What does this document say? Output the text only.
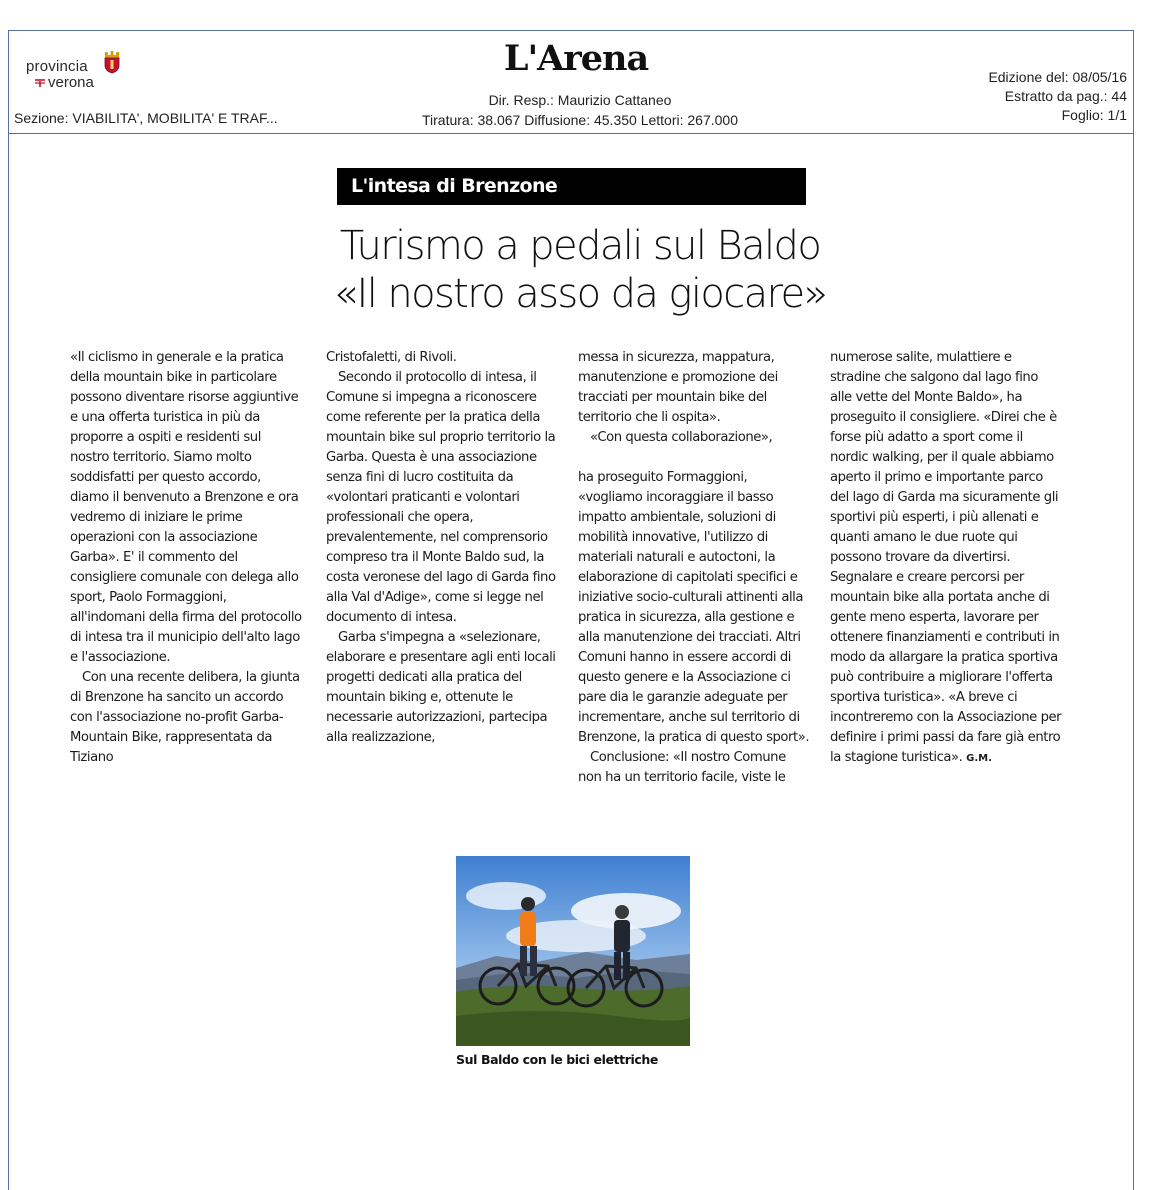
provincia
verona
L'Arena
Dir. Resp.: Maurizio Cattaneo
Tiratura: 38.067 Diffusione: 45.350 Lettori: 267.000
Edizione del: 08/05/16
Estratto da pag.: 44
Foglio: 1/1
Sezione: VIABILITA', MOBILITA' E TRAF...
L'intesa di Brenzone
Turismo a pedali sul Baldo
«Il nostro asso da giocare»

«Il ciclismo in generale e la pratica della mountain bike in particolare possono diventare risorse aggiuntive e una offerta turistica in più da proporre a ospiti e residenti sul nostro territorio. Siamo molto soddisfatti per questo accordo, diamo il benvenuto a Brenzone e ora vedremo di iniziare le prime operazioni con la associazione Garba». E' il commento del consigliere comunale con delega allo sport, Paolo Formaggioni, all'indomani della firma del protocollo di intesa tra il municipio dell'alto lago e l'associazione.

Con una recente delibera, la giunta di Brenzone ha sancito un accordo con l'associazione no-profit Garba-Mountain Bike, rappresentata da Tiziano

Cristofaletti, di Rivoli.

Secondo il protocollo di intesa, il Comune si impegna a riconoscere come referente per la pratica della mountain bike sul proprio territorio la Garba. Questa è una associazione senza fini di lucro costituita da «volontari praticanti e volontari professionali che opera, prevalentemente, nel comprensorio compreso tra il Monte Baldo sud, la costa veronese del lago di Garda fino alla Val d'Adige», come si legge nel documento di intesa.

Garba s'impegna a «selezionare, elaborare e presentare agli enti locali progetti dedicati alla pratica del mountain biking e, ottenute le necessarie autorizzazioni, partecipa alla realizzazione,

messa in sicurezza, mappatura, manutenzione e promozione dei tracciati per mountain bike del territorio che li ospita».

«Con questa collaborazione»,

ha proseguito Formaggioni, «vogliamo incoraggiare il basso impatto ambientale, soluzioni di mobilità innovative, l'utilizzo di materiali naturali e autoctoni, la elaborazione di capitolati specifici e iniziative socio-culturali attinenti alla pratica in sicurezza, alla gestione e alla manutenzione dei tracciati. Altri Comuni hanno in essere accordi di questo genere e la Associazione ci pare dia le garanzie adeguate per incrementare, anche sul territorio di Brenzone, la pratica di questo sport».

Conclusione: «Il nostro Comune non ha un territorio facile, viste le

numerose salite, mulattiere e stradine che salgono dal lago fino alle vette del Monte Baldo», ha proseguito il consigliere. «Direi che è forse più adatto a sport come il nordic walking, per il quale abbiamo aperto il primo e importante parco del lago di Garda ma sicuramente gli sportivi più esperti, i più allenati e quanti amano le due ruote qui possono trovare da divertirsi. Segnalare e creare percorsi per mountain bike alla portata anche di gente meno esperta, lavorare per ottenere finanziamenti e contributi in modo da allargare la pratica sportiva può contribuire a migliorare l'offerta sportiva turistica». «A breve ci incontreremo con la Associazione per definire i primi passi da fare già entro la stagione turistica». G.M.

Sul Baldo con le bici elettriche
